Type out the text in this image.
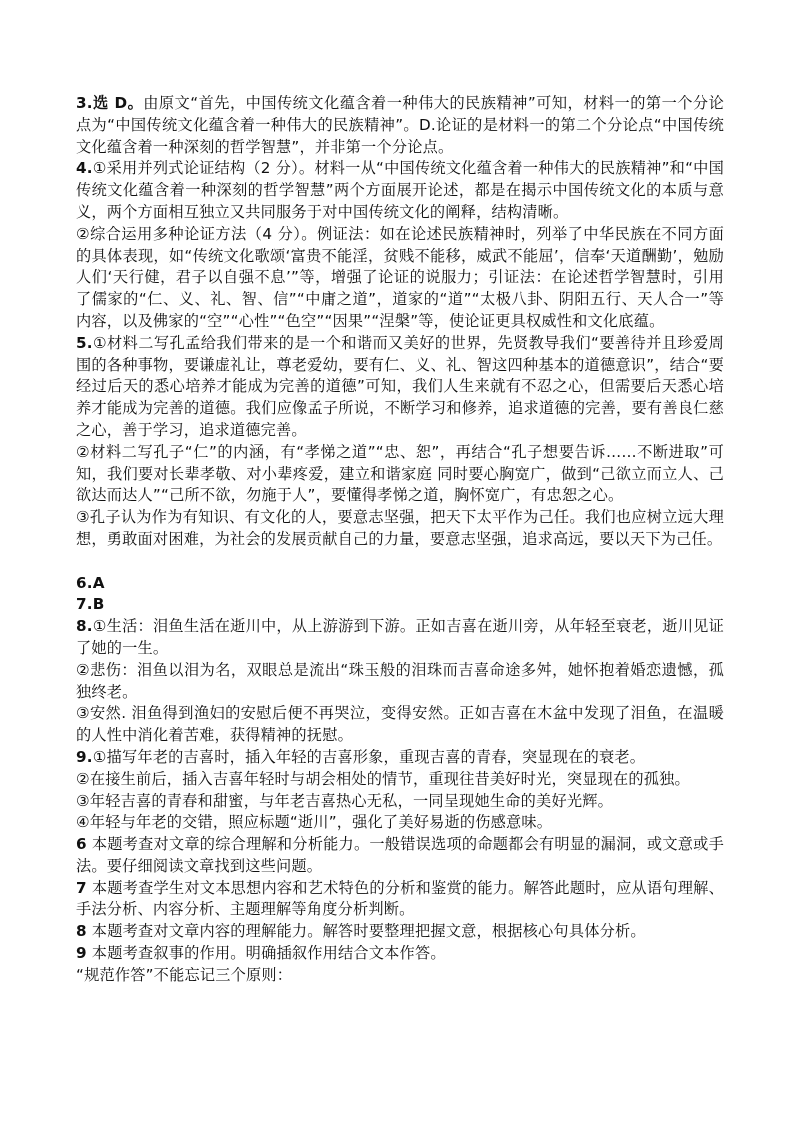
3.选 D。由原文“首先，中国传统文化蕴含着一种伟大的民族精神”可知，材料一的第一个分论点为“中国传统文化蕴含着一种伟大的民族精神”。D.论证的是材料一的第二个分论点“中国传统文化蕴含着一种深刻的哲学智慧”，并非第一个分论点。

4.①采用并列式论证结构（2 分）。材料一从“中国传统文化蕴含着一种伟大的民族精神”和“中国传统文化蕴含着一种深刻的哲学智慧”两个方面展开论述，都是在揭示中国传统文化的本质与意义，两个方面相互独立又共同服务于对中国传统文化的阐释，结构清晰。

②综合运用多种论证方法（4 分）。例证法：如在论述民族精神时，列举了中华民族在不同方面的具体表现，如“传统文化歌颂‘富贵不能淫，贫贱不能移，威武不能屈’，信奉‘天道酬勤’，勉励人们‘天行健，君子以自强不息’”等，增强了论证的说服力；引证法：在论述哲学智慧时，引用了儒家的“仁、义、礼、智、信”“中庸之道”，道家的“道”“太极八卦、阴阳五行、天人合一”等内容，以及佛家的“空”“心性”“色空”“因果”“涅槃”等，使论证更具权威性和文化底蕴。

5.①材料二写孔孟给我们带来的是一个和谐而又美好的世界，先贤教导我们“要善待并且珍爱周围的各种事物，要谦虚礼让，尊老爱幼，要有仁、义、礼、智这四种基本的道德意识”，结合“要经过后天的悉心培养才能成为完善的道德”可知，我们人生来就有不忍之心，但需要后天悉心培养才能成为完善的道德。我们应像孟子所说，不断学习和修养，追求道德的完善，要有善良仁慈之心，善于学习，追求道德完善。

②材料二写孔子“仁”的内涵，有“孝悌之道”“忠、恕”，再结合“孔子想要告诉……不断进取”可知，我们要对长辈孝敬、对小辈疼爱，建立和谐家庭 同时要心胸宽广，做到“己欲立而立人、己欲达而达人”“己所不欲，勿施于人”，要懂得孝悌之道，胸怀宽广，有忠恕之心。

③孔子认为作为有知识、有文化的人，要意志坚强，把天下太平作为己任。我们也应树立远大理想，勇敢面对困难，为社会的发展贡献自己的力量，要意志坚强，追求高远，要以天下为己任。

6.A

7.B

8.①生活：泪鱼生活在逝川中，从上游游到下游。正如吉喜在逝川旁，从年轻至衰老，逝川见证了她的一生。

②悲伤：泪鱼以泪为名，双眼总是流出“珠玉般的泪珠而吉喜命途多舛，她怀抱着婚恋遗憾，孤独终老。

③安然. 泪鱼得到渔妇的安慰后便不再哭泣，变得安然。正如吉喜在木盆中发现了泪鱼，在温暖的人性中消化着苦难，获得精神的抚慰。

9.①描写年老的吉喜时，插入年轻的吉喜形象，重现吉喜的青春，突显现在的衰老。

②在接生前后，插入吉喜年轻时与胡会相处的情节，重现往昔美好时光，突显现在的孤独。

③年轻吉喜的青春和甜蜜，与年老吉喜热心无私，一同呈现她生命的美好光辉。

④年轻与年老的交错，照应标题“逝川”，强化了美好易逝的伤感意味。

6 本题考查对文章的综合理解和分析能力。一般错误选项的命题都会有明显的漏洞，或文意或手法。要仔细阅读文章找到这些问题。

7 本题考查学生对文本思想内容和艺术特色的分析和鉴赏的能力。解答此题时，应从语句理解、手法分析、内容分析、主题理解等角度分析判断。

8 本题考查对文章内容的理解能力。解答时要整理把握文意，根据核心句具体分析。

9 本题考查叙事的作用。明确插叙作用结合文本作答。

“规范作答”不能忘记三个原则：
